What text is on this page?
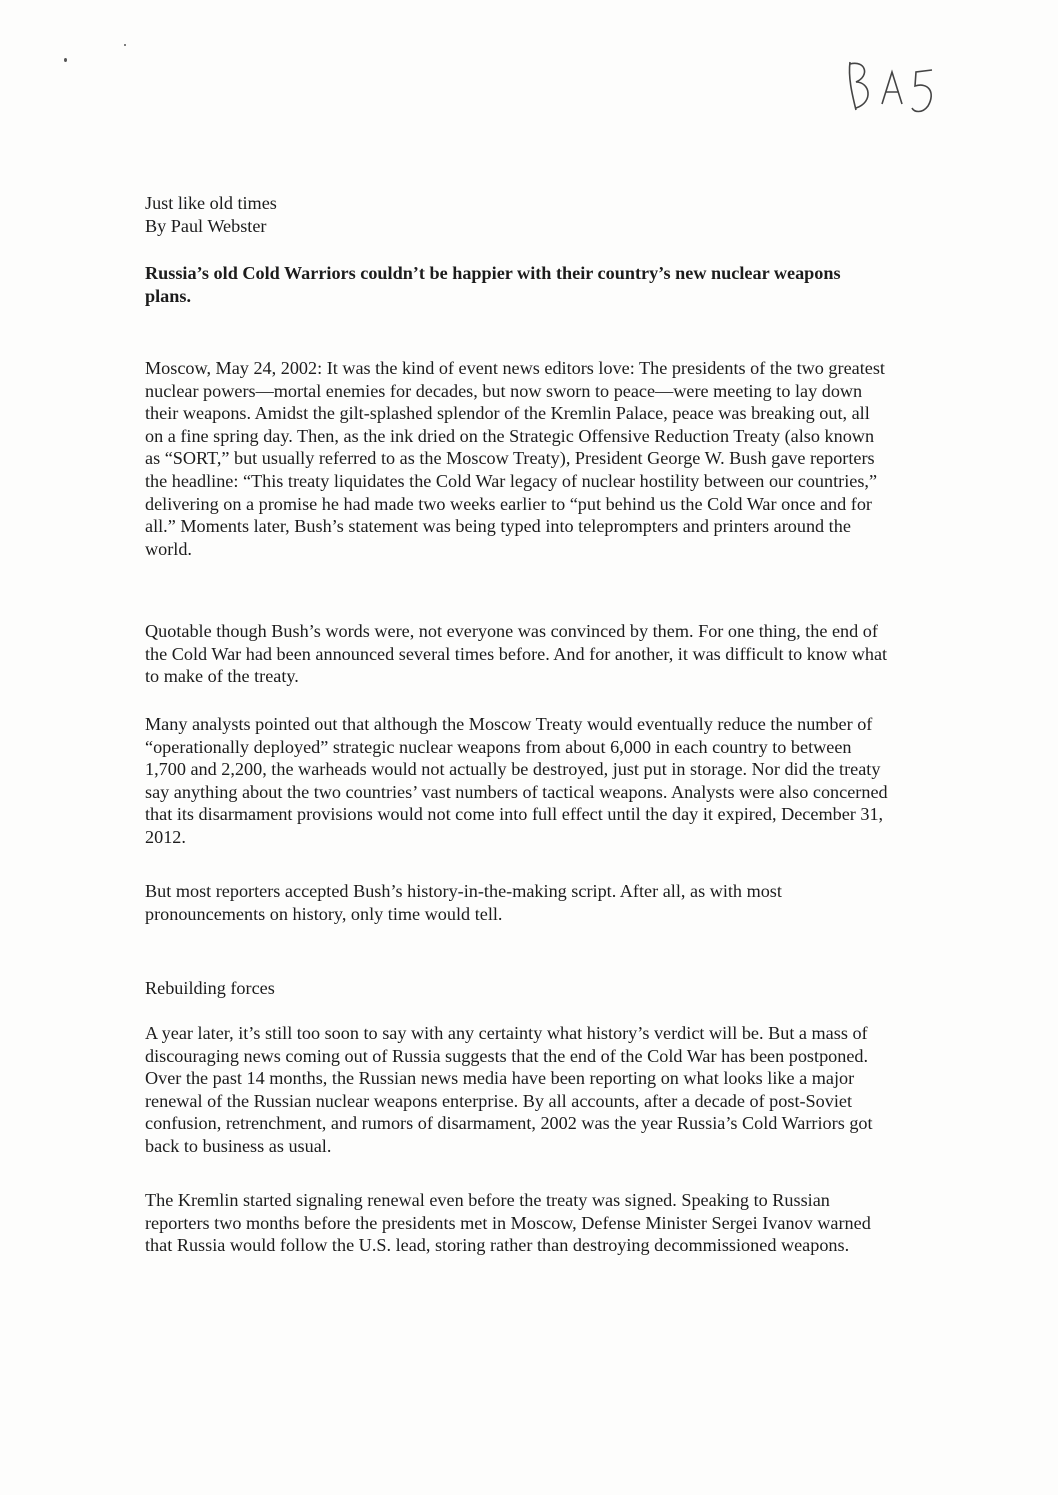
Just like old times
By Paul Webster
Russia’s old Cold Warriors couldn’t be happier with their country’s new nuclear weapons plans.

Moscow, May 24, 2002: It was the kind of event news editors love: The presidents of the two greatest nuclear powers—mortal enemies for decades, but now sworn to peace—were meeting to lay down their weapons. Amidst the gilt-splashed splendor of the Kremlin Palace, peace was breaking out, all on a fine spring day. Then, as the ink dried on the Strategic Offensive Reduction Treaty (also known as “SORT,” but usually referred to as the Moscow Treaty), President George W. Bush gave reporters the headline: “This treaty liquidates the Cold War legacy of nuclear hostility between our countries,” delivering on a promise he had made two weeks earlier to “put behind us the Cold War once and for all.” Moments later, Bush’s statement was being typed into teleprompters and printers around the world.

Quotable though Bush’s words were, not everyone was convinced by them. For one thing, the end of the Cold War had been announced several times before. And for another, it was difficult to know what to make of the treaty.

Many analysts pointed out that although the Moscow Treaty would eventually reduce the number of “operationally deployed” strategic nuclear weapons from about 6,000 in each country to between 1,700 and 2,200, the warheads would not actually be destroyed, just put in storage. Nor did the treaty say anything about the two countries’ vast numbers of tactical weapons. Analysts were also concerned that its disarmament provisions would not come into full effect until the day it expired, December 31, 2012.

But most reporters accepted Bush’s history-in-the-making script. After all, as with most pronouncements on history, only time would tell.

Rebuilding forces

A year later, it’s still too soon to say with any certainty what history’s verdict will be. But a mass of discouraging news coming out of Russia suggests that the end of the Cold War has been postponed. Over the past 14 months, the Russian news media have been reporting on what looks like a major renewal of the Russian nuclear weapons enterprise. By all accounts, after a decade of post-Soviet confusion, retrenchment, and rumors of disarmament, 2002 was the year Russia’s Cold Warriors got back to business as usual.

The Kremlin started signaling renewal even before the treaty was signed. Speaking to Russian reporters two months before the presidents met in Moscow, Defense Minister Sergei Ivanov warned that Russia would follow the U.S. lead, storing rather than destroying decommissioned weapons.
